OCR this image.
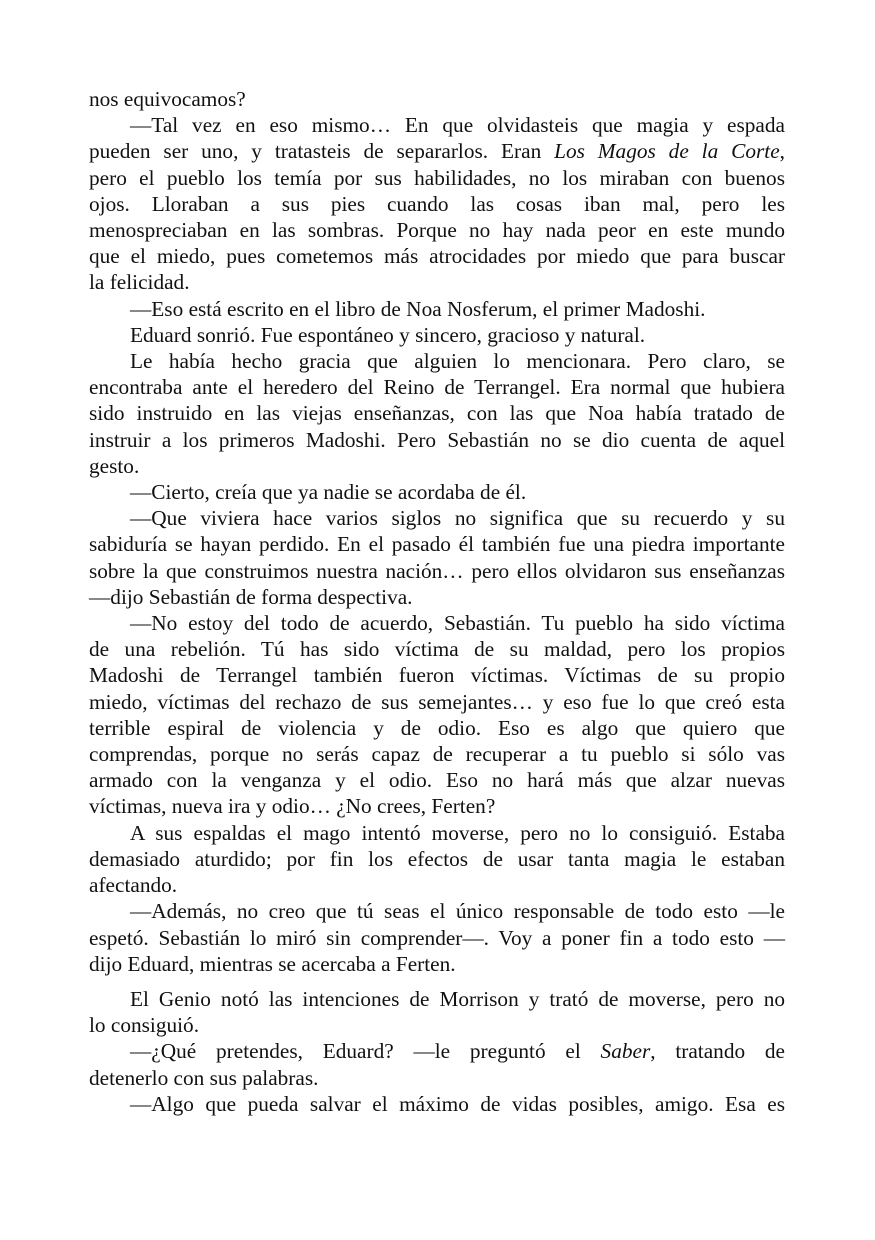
nos equivocamos?
—Tal vez en eso mismo… En que olvidasteis que magia y espada
pueden ser uno, y tratasteis de separarlos. Eran Los Magos de la Corte,
pero el pueblo los temía por sus habilidades, no los miraban con buenos
ojos. Lloraban a sus pies cuando las cosas iban mal, pero les
menospreciaban en las sombras. Porque no hay nada peor en este mundo
que el miedo, pues cometemos más atrocidades por miedo que para buscar
la felicidad.
—Eso está escrito en el libro de Noa Nosferum, el primer Madoshi.
Eduard sonrió. Fue espontáneo y sincero, gracioso y natural.
Le había hecho gracia que alguien lo mencionara. Pero claro, se
encontraba ante el heredero del Reino de Terrangel. Era normal que hubiera
sido instruido en las viejas enseñanzas, con las que Noa había tratado de
instruir a los primeros Madoshi. Pero Sebastián no se dio cuenta de aquel
gesto.
—Cierto, creía que ya nadie se acordaba de él.
—Que viviera hace varios siglos no significa que su recuerdo y su
sabiduría se hayan perdido. En el pasado él también fue una piedra importante
sobre la que construimos nuestra nación… pero ellos olvidaron sus enseñanzas
—dijo Sebastián de forma despectiva.
—No estoy del todo de acuerdo, Sebastián. Tu pueblo ha sido víctima
de una rebelión. Tú has sido víctima de su maldad, pero los propios
Madoshi de Terrangel también fueron víctimas. Víctimas de su propio
miedo, víctimas del rechazo de sus semejantes… y eso fue lo que creó esta
terrible espiral de violencia y de odio. Eso es algo que quiero que
comprendas, porque no serás capaz de recuperar a tu pueblo si sólo vas
armado con la venganza y el odio. Eso no hará más que alzar nuevas
víctimas, nueva ira y odio… ¿No crees, Ferten?
A sus espaldas el mago intentó moverse, pero no lo consiguió. Estaba
demasiado aturdido; por fin los efectos de usar tanta magia le estaban
afectando.
—Además, no creo que tú seas el único responsable de todo esto —le
espetó. Sebastián lo miró sin comprender—. Voy a poner fin a todo esto —
dijo Eduard, mientras se acercaba a Ferten.
El Genio notó las intenciones de Morrison y trató de moverse, pero no
lo consiguió.
—¿Qué pretendes, Eduard? —le preguntó el Saber, tratando de
detenerlo con sus palabras.
—Algo que pueda salvar el máximo de vidas posibles, amigo. Esa es
